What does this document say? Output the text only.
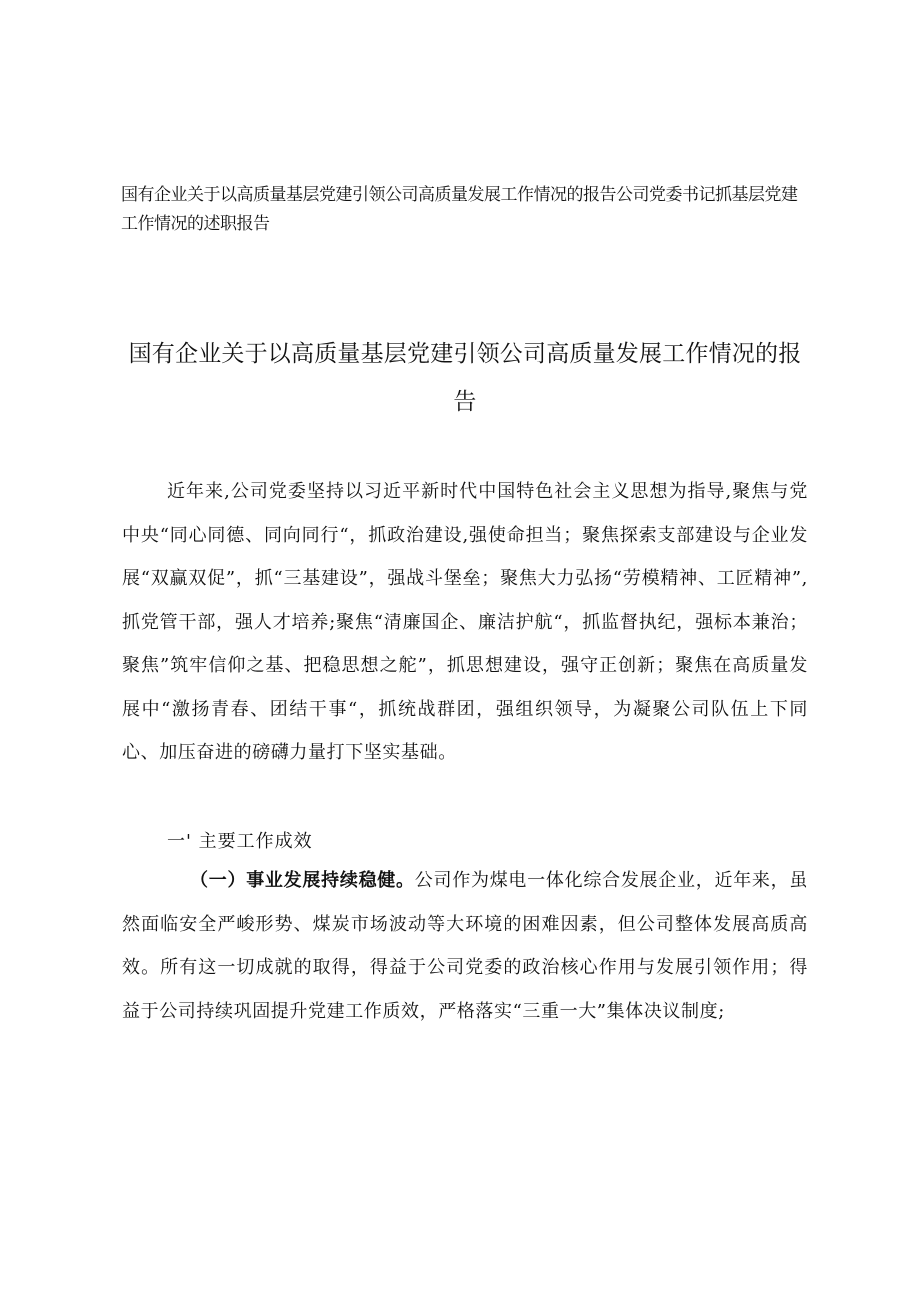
国有企业关于以高质量基层党建引领公司高质量发展工作情况的报告公司党委书记抓基层党建工作情况的述职报告
国有企业关于以高质量基层党建引领公司高质量发展工作情况的报告
近年来,公司党委坚持以习近平新时代中国特色社会主义思想为指导,聚焦与党中央“同心同德、同向同行“，抓政治建设,强使命担当；聚焦探索支部建设与企业发展“双赢双促”，抓“三基建设”，强战斗堡垒；聚焦大力弘扬“劳模精神、工匠精神”,抓党管干部，强人才培养;聚焦“清廉国企、廉洁护航“，抓监督执纪，强标本兼治；聚焦”筑牢信仰之基、把稳思想之舵”，抓思想建设，强守正创新；聚焦在高质量发展中“激扬青春、团结干事“，抓统战群团，强组织领导，为凝聚公司队伍上下同心、加压奋进的磅礴力量打下坚实基础。
一' 主要工作成效
（一）事业发展持续稳健。公司作为煤电一体化综合发展企业，近年来，虽然面临安全严峻形势、煤炭市场波动等大环境的困难因素，但公司整体发展高质高效。所有这一切成就的取得，得益于公司党委的政治核心作用与发展引领作用；得益于公司持续巩固提升党建工作质效，严格落实“三重一大”集体决议制度;
